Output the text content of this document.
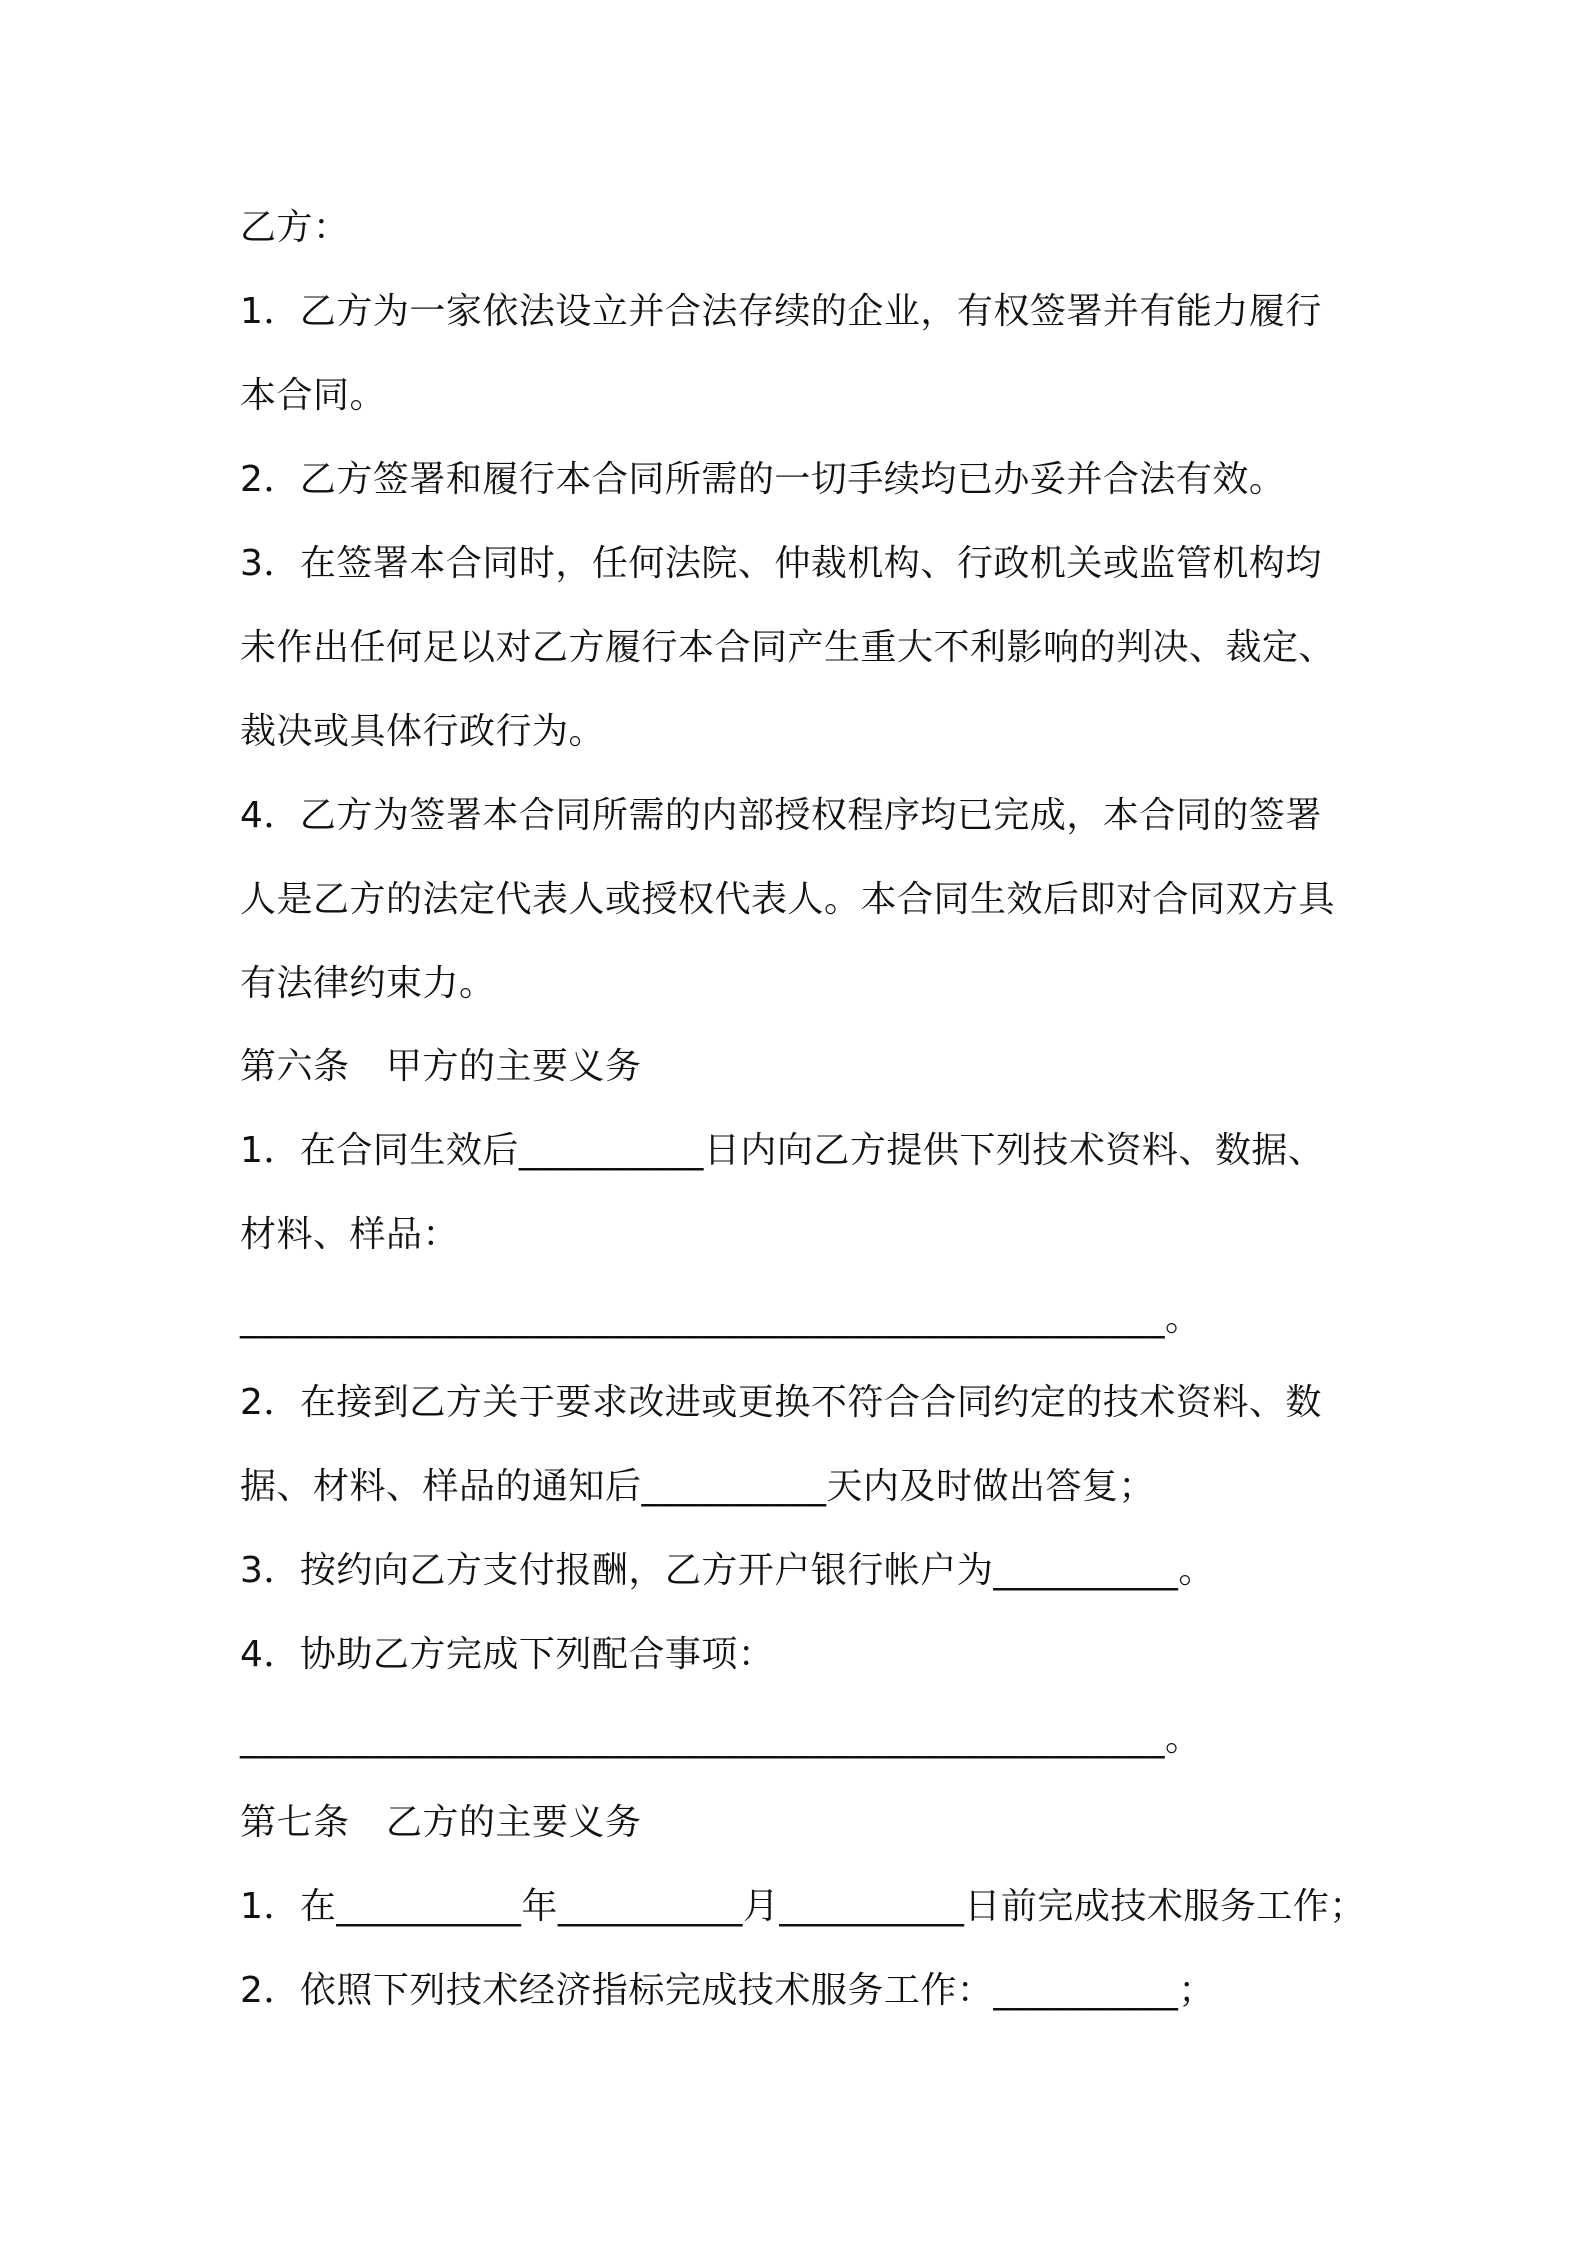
乙方：

1．乙方为一家依法设立并合法存续的企业，有权签署并有能力履行

本合同。

2．乙方签署和履行本合同所需的一切手续均已办妥并合法有效。

3．在签署本合同时，任何法院、仲裁机构、行政机关或监管机构均

未作出任何足以对乙方履行本合同产生重大不利影响的判决、裁定、

裁决或具体行政行为。

4．乙方为签署本合同所需的内部授权程序均已完成，本合同的签署

人是乙方的法定代表人或授权代表人。本合同生效后即对合同双方具

有法律约束力。

第六条　甲方的主要义务

1．在合同生效后__________日内向乙方提供下列技术资料、数据、

材料、样品：

__________________________________________________。

2．在接到乙方关于要求改进或更换不符合合同约定的技术资料、数

据、材料、样品的通知后__________天内及时做出答复；

3．按约向乙方支付报酬，乙方开户银行帐户为__________。

4．协助乙方完成下列配合事项：

__________________________________________________。

第七条　乙方的主要义务

1．在__________年__________月__________日前完成技术服务工作；

2．依照下列技术经济指标完成技术服务工作：__________；
